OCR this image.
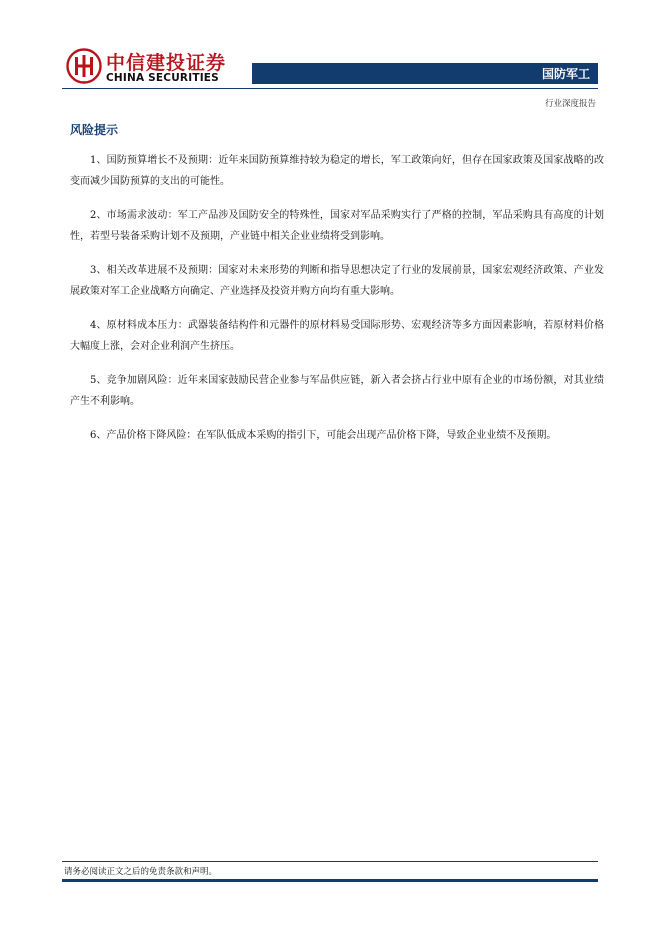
中信建投证券
CHINA SECURITIES	国防军工
行业深度报告
风险提示

1、国防预算增长不及预期：近年来国防预算维持较为稳定的增长，军工政策向好，但存在国家政策及国家战略的改变而减少国防预算的支出的可能性。

2、市场需求波动：军工产品涉及国防安全的特殊性，国家对军品采购实行了严格的控制，军品采购具有高度的计划性，若型号装备采购计划不及预期，产业链中相关企业业绩将受到影响。

3、相关改革进展不及预期：国家对未来形势的判断和指导思想决定了行业的发展前景，国家宏观经济政策、产业发展政策对军工企业战略方向确定、产业选择及投资并购方向均有重大影响。

4、原材料成本压力：武器装备结构件和元器件的原材料易受国际形势、宏观经济等多方面因素影响，若原材料价格大幅度上涨，会对企业利润产生挤压。

5、竞争加剧风险：近年来国家鼓励民营企业参与军品供应链，新入者会挤占行业中原有企业的市场份额，对其业绩产生不利影响。

6、产品价格下降风险：在军队低成本采购的指引下，可能会出现产品价格下降，导致企业业绩不及预期。

请务必阅读正文之后的免责条款和声明。
